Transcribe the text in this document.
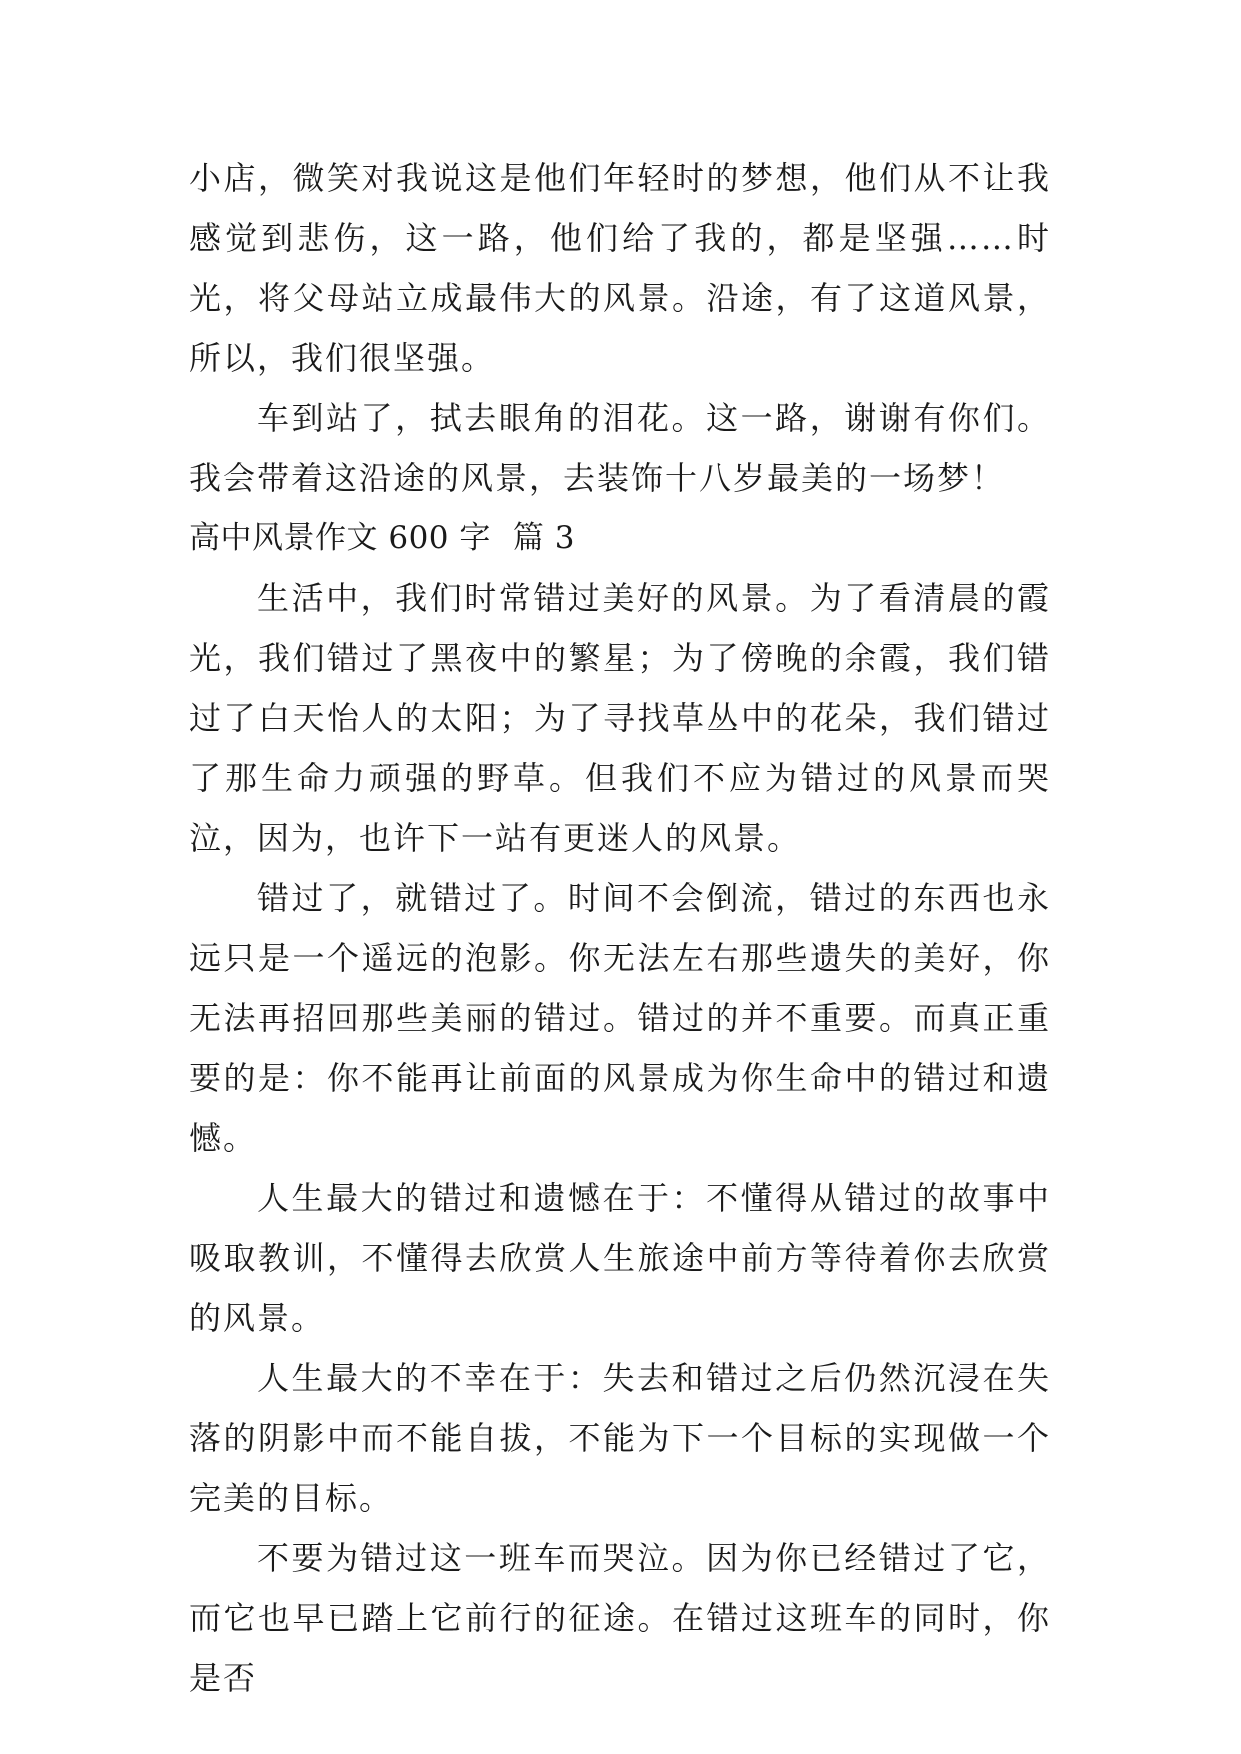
小店，微笑对我说这是他们年轻时的梦想，他们从不让我感觉到悲伤，这一路，他们给了我的，都是坚强……时光，将父母站立成最伟大的风景。沿途，有了这道风景，所以，我们很坚强。

车到站了，拭去眼角的泪花。这一路，谢谢有你们。我会带着这沿途的风景，去装饰十八岁最美的一场梦！

高中风景作文 600 字 篇 3

生活中，我们时常错过美好的风景。为了看清晨的霞光，我们错过了黑夜中的繁星；为了傍晚的余霞，我们错过了白天怡人的太阳；为了寻找草丛中的花朵，我们错过了那生命力顽强的野草。但我们不应为错过的风景而哭泣，因为，也许下一站有更迷人的风景。

错过了，就错过了。时间不会倒流，错过的东西也永远只是一个遥远的泡影。你无法左右那些遗失的美好，你无法再招回那些美丽的错过。错过的并不重要。而真正重要的是：你不能再让前面的风景成为你生命中的错过和遗憾。

人生最大的错过和遗憾在于：不懂得从错过的故事中吸取教训，不懂得去欣赏人生旅途中前方等待着你去欣赏的风景。

人生最大的不幸在于：失去和错过之后仍然沉浸在失落的阴影中而不能自拔，不能为下一个目标的实现做一个完美的目标。

不要为错过这一班车而哭泣。因为你已经错过了它，而它也早已踏上它前行的征途。在错过这班车的同时，你是否
